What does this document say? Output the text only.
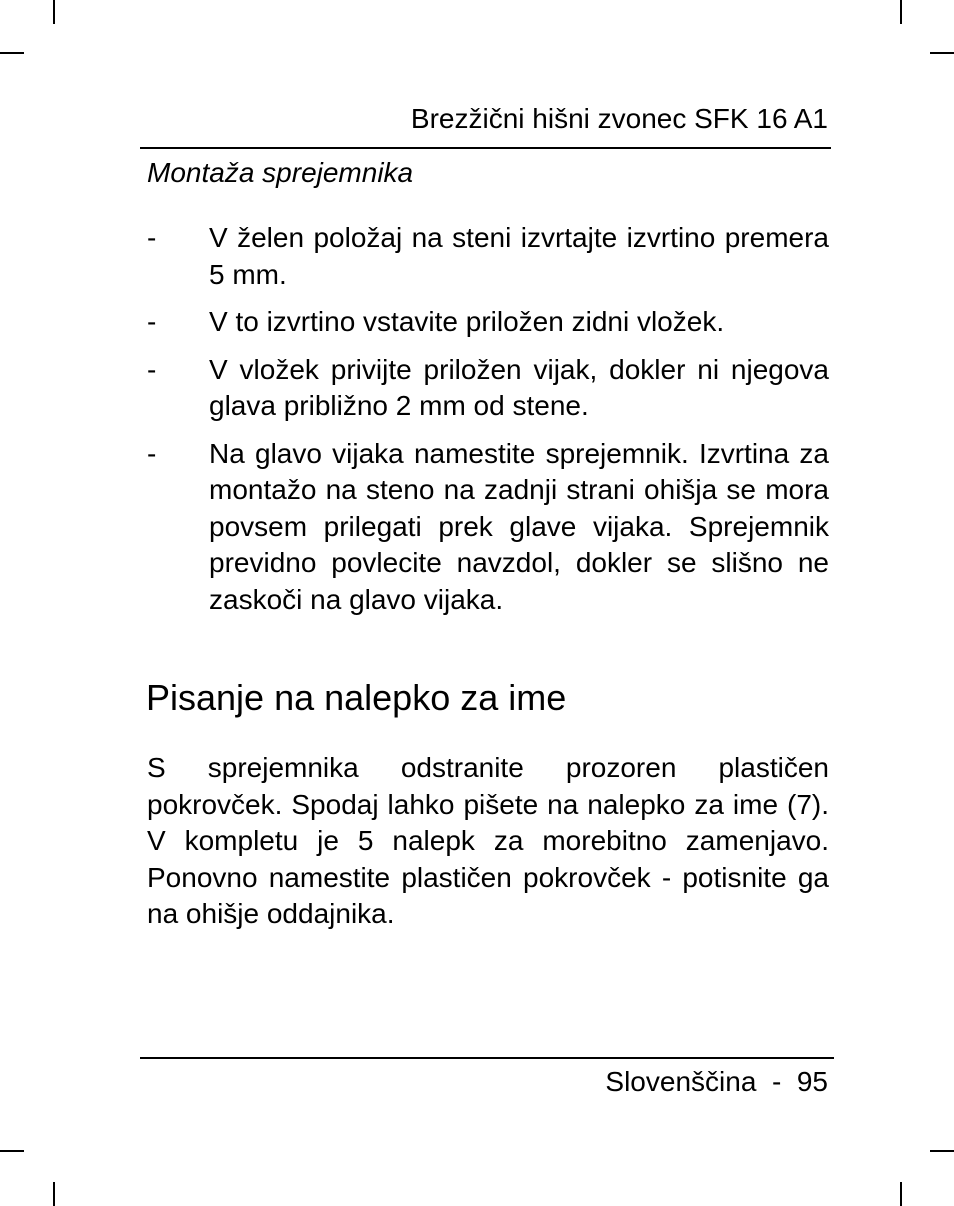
Brezžični hišni zvonec SFK 16 A1
Montaža sprejemnika
-	V želen položaj na steni izvrtajte izvrtino premera 5 mm.
-	V to izvrtino vstavite priložen zidni vložek.
-	V vložek privijte priložen vijak, dokler ni njegova glava približno 2 mm od stene.
-	Na glavo vijaka namestite sprejemnik. Izvrtina za montažo na steno na zadnji strani ohišja se mora povsem prilegati prek glave vijaka. Sprejemnik previdno povlecite navzdol, dokler se slišno ne zaskoči na glavo vijaka.
Pisanje na nalepko za ime
S sprejemnika odstranite prozoren plastičen pokrovček. Spodaj lahko pišete na nalepko za ime (7). V kompletu je 5 nalepk za morebitno zamenjavo. Ponovno namestite plastičen pokrovček - potisnite ga na ohišje oddajnika.
Slovenščina - 95
